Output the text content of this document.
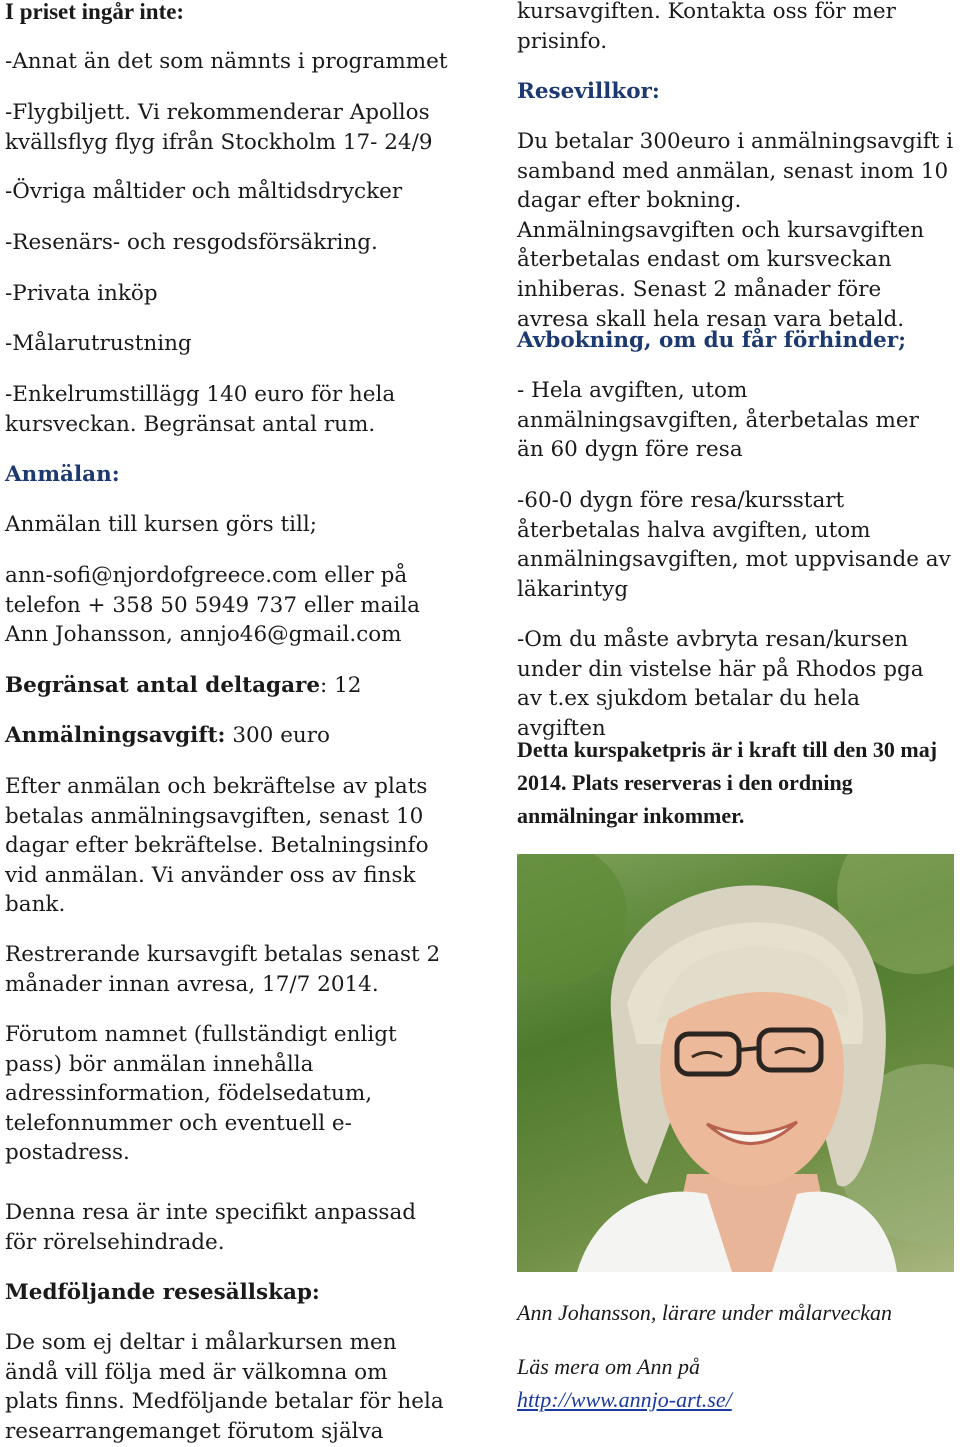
I priset ingår inte:

-Annat än det som nämnts i programmet

-Flygbiljett. Vi rekommenderar Apollos kvällsflyg flyg ifrån Stockholm 17- 24/9

-Övriga måltider och måltidsdrycker

-Resenärs- och resgodsförsäkring.

-Privata inköp

-Målarutrustning

-Enkelrumstillägg 140 euro för hela kursveckan. Begränsat antal rum.

Anmälan:

Anmälan till kursen görs till;

ann-sofi@njordofgreece.com eller på telefon + 358 50 5949 737 eller maila Ann Johansson, annjo46@gmail.com

Begränsat antal deltagare: 12

Anmälningsavgift: 300 euro

Efter anmälan och bekräftelse av plats betalas anmälningsavgiften, senast 10 dagar efter bekräftelse. Betalningsinfo vid anmälan. Vi använder oss av finsk bank.

Restrerande kursavgift betalas senast 2 månader innan avresa, 17/7 2014.

Förutom namnet (fullständigt enligt pass) bör anmälan innehålla adressinformation, födelsedatum, telefonnummer och eventuell e-postadress.

Denna resa är inte specifikt anpassad för rörelsehindrade.

Medföljande resesällskap:

De som ej deltar i målarkursen men ändå vill följa med är välkomna om plats finns. Medföljande betalar för hela researrangemanget förutom själva

kursavgiften. Kontakta oss för mer prisinfo.

Resevillkor:

Du betalar 300euro i anmälningsavgift i samband med anmälan, senast inom 10 dagar efter bokning. Anmälningsavgiften och kursavgiften återbetalas endast om kursveckan inhiberas. Senast 2 månader före avresa skall hela resan vara betald.

Avbokning, om du får förhinder;

- Hela avgiften, utom anmälningsavgiften, återbetalas mer än 60 dygn före resa

-60-0 dygn före resa/kursstart återbetalas halva avgiften, utom anmälningsavgiften, mot uppvisande av läkarintyg

-Om du måste avbryta resan/kursen under din vistelse här på Rhodos pga av t.ex sjukdom betalar du hela avgiften

Detta kurspaketpris är i kraft till den 30 maj 2014. Plats reserveras i den ordning anmälningar inkommer.

Ann Johansson, lärare under målarveckan

Läs mera om Ann på

http://www.annjo-art.se/
